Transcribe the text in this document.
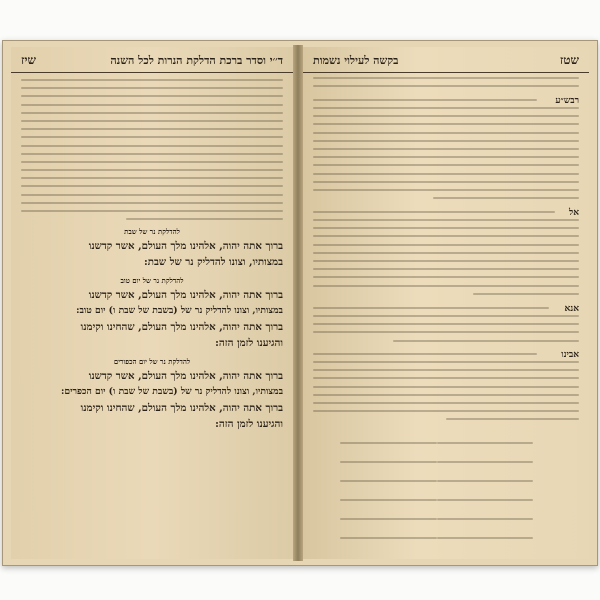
ד׳׳י וסדר ברכת הדלקת הנרות לכל השנה
שיז
להדלקת נר של שבת
ברוך אתה יהוה, אלהינו מלך העולם, אשר קדשנו
במצותיו, וצונו להדליק נר של שבת:
להדלקת נר של יום טוב
ברוך אתה יהוה, אלהינו מלך העולם, אשר קדשנו
במצותיו, וצונו להדליק נר של (בשבת של שבת ו) יום טוב:
ברוך אתה יהוה, אלהינו מלך העולם, שהחינו וקימנו
והגיענו לזמן הזה:
להדלקת נר של יום הכפורים
ברוך אתה יהוה, אלהינו מלך העולם, אשר קדשנו
במצותיו, וצונו להדליק נר של (בשבת של שבת ו) יום הכפרים:
ברוך אתה יהוה, אלהינו מלך העולם, שהחינו וקימנו
והגיענו לזמן הזה:
שטז
בקשה לעילוי נשמות
רבש״ע
אל
אנא
אבינו
